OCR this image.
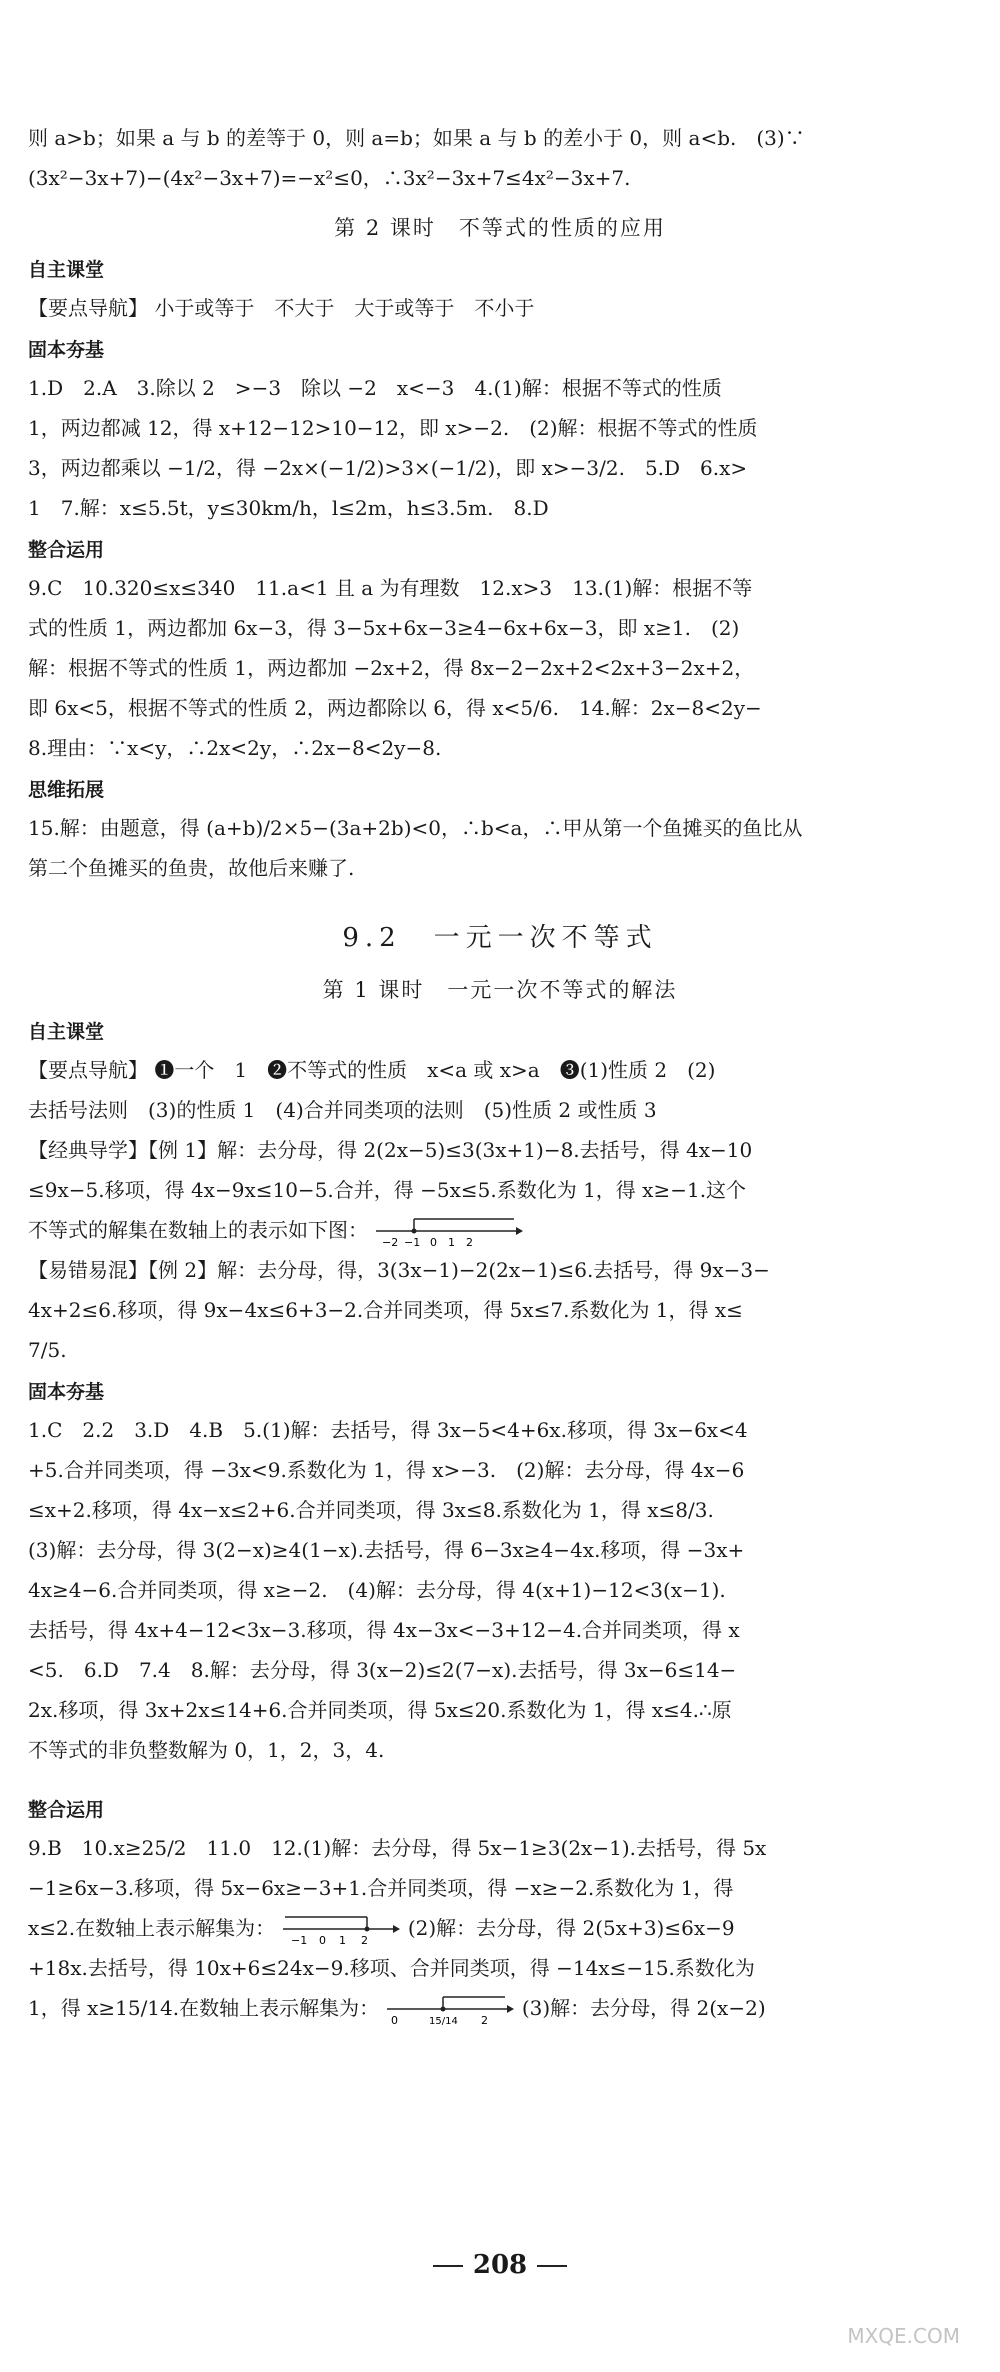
则 a>b；如果 a 与 b 的差等于 0，则 a=b；如果 a 与 b 的差小于 0，则 a<b.　(3)∵

(3x²−3x+7)−(4x²−3x+7)=−x²≤0，∴3x²−3x+7≤4x²−3x+7.

第 2 课时　不等式的性质的应用
自主课堂

【要点导航】 小于或等于　不大于　大于或等于　不小于

固本夯基

1.D　2.A　3.除以 2　>−3　除以 −2　x<−3　4.(1)解：根据不等式的性质

1，两边都减 12，得 x+12−12>10−12，即 x>−2.　(2)解：根据不等式的性质

3，两边都乘以 −1/2，得 −2x×(−1/2)>3×(−1/2)，即 x>−3/2.　5.D　6.x>

1　7.解：x≤5.5t，y≤30km/h，l≤2m，h≤3.5m.　8.D

整合运用

9.C　10.320≤x≤340　11.a<1 且 a 为有理数　12.x>3　13.(1)解：根据不等

式的性质 1，两边都加 6x−3，得 3−5x+6x−3≥4−6x+6x−3，即 x≥1.　(2)

解：根据不等式的性质 1，两边都加 −2x+2，得 8x−2−2x+2<2x+3−2x+2，

即 6x<5，根据不等式的性质 2，两边都除以 6，得 x<5/6.　14.解：2x−8<2y−

8.理由：∵x<y，∴2x<2y，∴2x−8<2y−8.

思维拓展

15.解：由题意，得 (a+b)/2×5−(3a+2b)<0，∴b<a，∴甲从第一个鱼摊买的鱼比从

第二个鱼摊买的鱼贵，故他后来赚了.

9.2　一元一次不等式
第 1 课时　一元一次不等式的解法
自主课堂

【要点导航】 ❶一个　1　❷不等式的性质　x<a 或 x>a　❸(1)性质 2　(2)

去括号法则　(3)的性质 1　(4)合并同类项的法则　(5)性质 2 或性质 3

【经典导学】【例 1】解：去分母，得 2(2x−5)≤3(3x+1)−8.去括号，得 4x−10

≤9x−5.移项，得 4x−9x≤10−5.合并，得 −5x≤5.系数化为 1，得 x≥−1.这个

不等式的解集在数轴上的表示如下图： −2 −1 0 1 2

【易错易混】【例 2】解：去分母，得，3(3x−1)−2(2x−1)≤6.去括号，得 9x−3−

4x+2≤6.移项，得 9x−4x≤6+3−2.合并同类项，得 5x≤7.系数化为 1，得 x≤

7/5.

固本夯基

1.C　2.2　3.D　4.B　5.(1)解：去括号，得 3x−5<4+6x.移项，得 3x−6x<4

+5.合并同类项，得 −3x<9.系数化为 1，得 x>−3.　(2)解：去分母，得 4x−6

≤x+2.移项，得 4x−x≤2+6.合并同类项，得 3x≤8.系数化为 1，得 x≤8/3.

(3)解：去分母，得 3(2−x)≥4(1−x).去括号，得 6−3x≥4−4x.移项，得 −3x+

4x≥4−6.合并同类项，得 x≥−2.　(4)解：去分母，得 4(x+1)−12<3(x−1).

去括号，得 4x+4−12<3x−3.移项，得 4x−3x<−3+12−4.合并同类项，得 x

<5.　6.D　7.4　8.解：去分母，得 3(x−2)≤2(7−x).去括号，得 3x−6≤14−

2x.移项，得 3x+2x≤14+6.合并同类项，得 5x≤20.系数化为 1，得 x≤4.∴原

不等式的非负整数解为 0，1，2，3，4.

整合运用

9.B　10.x≥25/2　11.0　12.(1)解：去分母，得 5x−1≥3(2x−1).去括号，得 5x

−1≥6x−3.移项，得 5x−6x≥−3+1.合并同类项，得 −x≥−2.系数化为 1，得

x≤2.在数轴上表示解集为： −1 0 1 2 (2)解：去分母，得 2(5x+3)≤6x−9

+18x.去括号，得 10x+6≤24x−9.移项、合并同类项，得 −14x≤−15.系数化为

1，得 x≥15/14.在数轴上表示解集为： 0	15/14 2 (3)解：去分母，得 2(x−2)

208
MXQE.COM
